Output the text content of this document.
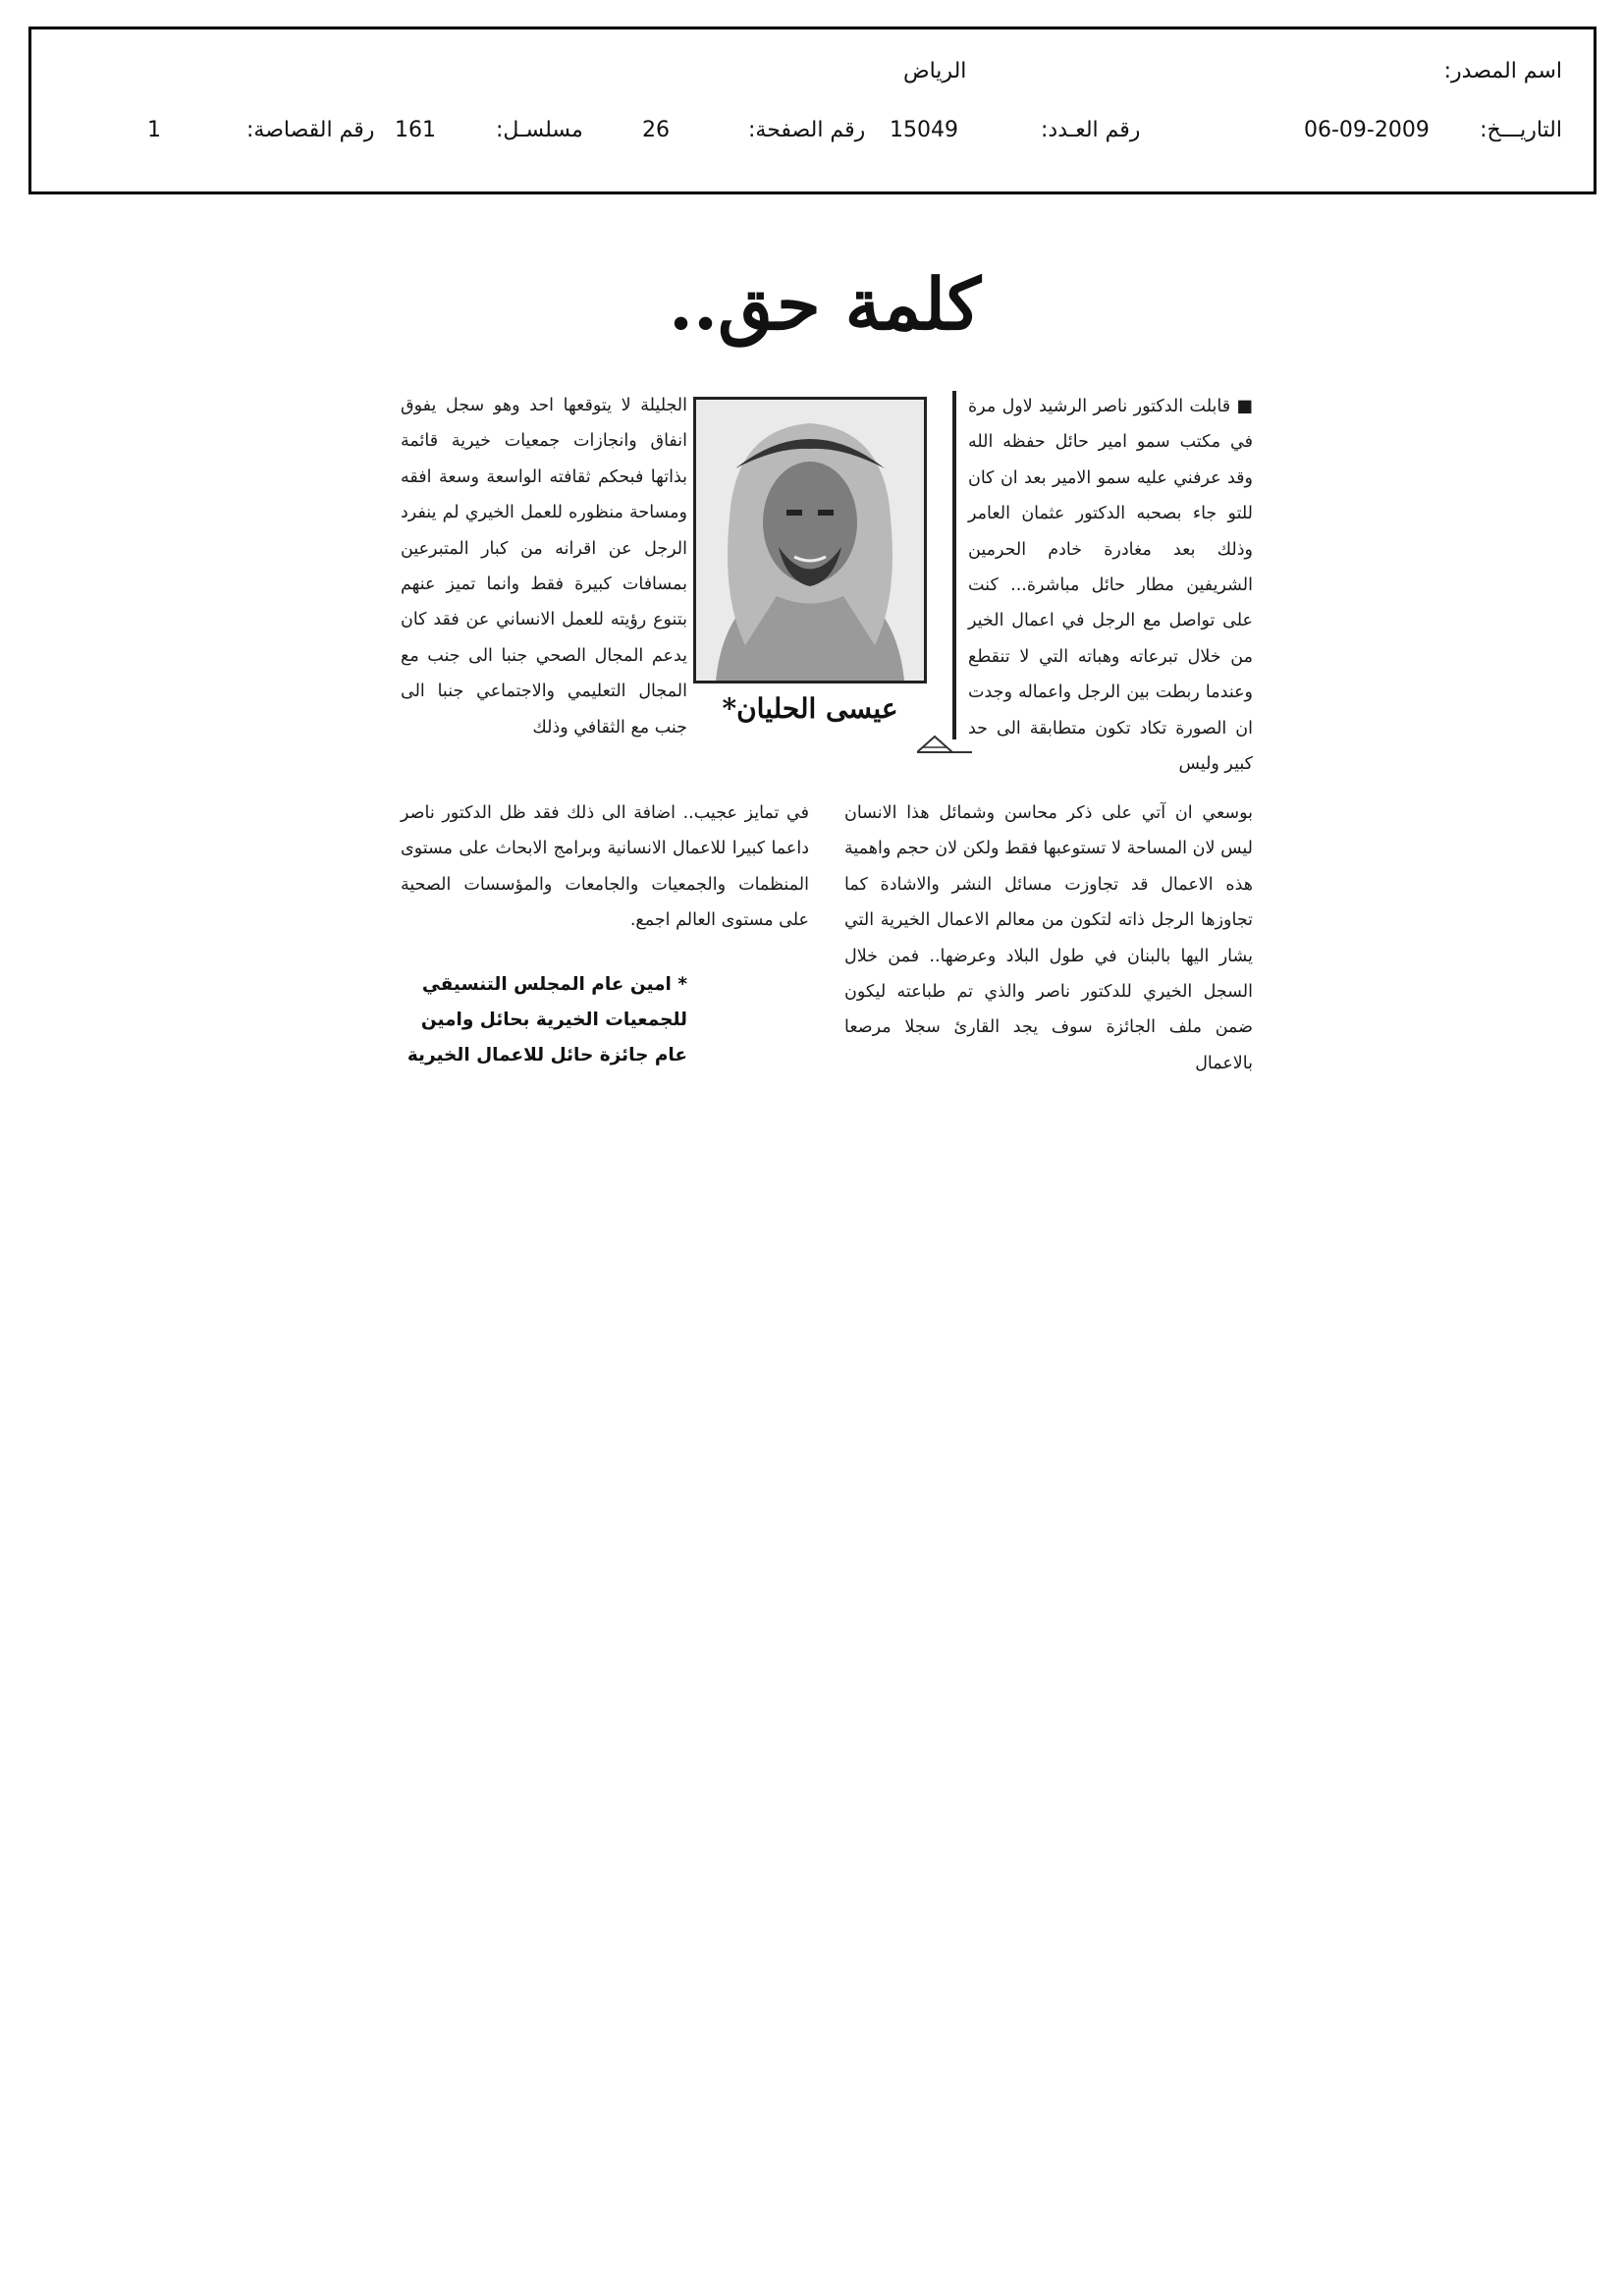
اسم المصدر:
الرياض
التاريـــخ:
06-09-2009
رقم العـدد:
15049
رقم الصفحة:
26
مسلسـل:
161
رقم القصاصة:
1
كلمة حق..

■ قابلت الدكتور ناصر الرشيد لاول مرة في مكتب سمو امير حائل حفظه الله وقد عرفني عليه سمو الامير بعد ان كان للتو جاء بصحبه الدكتور عثمان العامر وذلك بعد مغادرة خادم الحرمين الشريفين مطار حائل مباشرة... كنت على تواصل مع الرجل في اعمال الخير من خلال تبرعاته وهباته التي لا تنقطع وعندما ربطت بين الرجل واعماله وجدت ان الصورة تكاد تكون متطابقة الى حد كبير وليس

عيسى الحليان*

بوسعي ان آتي على ذكر محاسن وشمائل هذا الانسان ليس لان المساحة لا تستوعبها فقط ولكن لان حجم واهمية هذه الاعمال قد تجاوزت مسائل النشر والاشادة كما تجاوزها الرجل ذاته لتكون من معالم الاعمال الخيرية التي يشار اليها بالبنان في طول البلاد وعرضها.. فمن خلال السجل الخيري للدكتور ناصر والذي تم طباعته ليكون ضمن ملف الجائزة سوف يجد القارئ سجلا مرصعا بالاعمال

الجليلة لا يتوقعها احد وهو سجل يفوق انفاق وانجازات جمعيات خيرية قائمة بذاتها فبحكم ثقافته الواسعة وسعة افقه ومساحة منظوره للعمل الخيري لم ينفرد الرجل عن اقرانه من كبار المتبرعين بمسافات كبيرة فقط وانما تميز عنهم بتنوع رؤيته للعمل الانساني عن فقد كان يدعم المجال الصحي جنبا الى جنب مع المجال التعليمي والاجتماعي جنبا الى جنب مع الثقافي وذلك

في تمايز عجيب.. اضافة الى ذلك فقد ظل الدكتور ناصر داعما كبيرا للاعمال الانسانية وبرامج الابحاث على مستوى المنظمات والجمعيات والجامعات والمؤسسات الصحية على مستوى العالم اجمع.

* امين عام المجلس التنسيقي للجمعيات الخيرية بحائل وامين عام جائزة حائل للاعمال الخيرية
